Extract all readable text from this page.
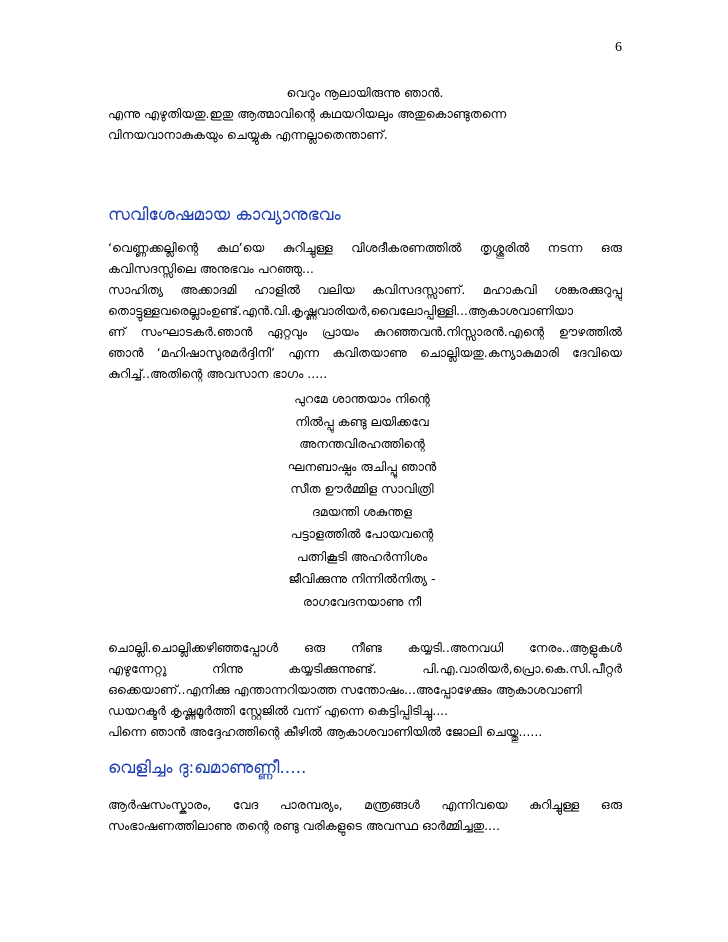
6
വെറും നൂലായിരുന്നു ഞാൻ.
എന്നു എഴുതിയതു.ഇതു ആത്മാവിന്റെ കഥയറിയലും അതുകൊണ്ടുതന്നെ
വിനയവാനാകുകയും ചെയ്യുക എന്നല്ലാതെന്താണ്.
സവിശേഷമായ കാവ്യാനുഭവം
‘വെണ്ണക്കല്ലിന്റെ കഥ’യെ കുറിച്ചുള്ള വിശദീകരണത്തിൽ തൃശ്ശൂരിൽ നടന്ന ഒരു
കവിസദസ്സിലെ അനുഭവം പറഞ്ഞു...
സാഹിത്യ അക്കാദമി ഹാളിൽ വലിയ കവിസദസ്സാണ്. മഹാകവി ശങ്കരക്കുറുപ്പു
തൊട്ടുള്ളവരെല്ലാംഉണ്ട്.എൻ.വി.കൃഷ്ണവാരിയർ,വൈലോപ്പിള്ളി...ആകാശവാണിയാ
ണ് സംഘാടകർ.ഞാൻ ഏറ്റവും പ്രായം കുറഞ്ഞവൻ.നിസ്സാരൻ.എന്റെ ഊഴത്തിൽ
ഞാൻ ‘മഹിഷാസുരമർദ്ദിനി’ എന്ന കവിതയാണു ചൊല്ലിയതു.കന്യാകുമാരി ദേവിയെ
കുറിച്ച്..അതിന്റെ അവസാന ഭാഗം .....
പുറമേ ശാന്തയാം നിന്റെ
നിൽപ്പു കണ്ടു ലയിക്കവേ
അനന്തവിരഹത്തിന്റെ
ഘനബാഷ്പം രുചിപ്പൂ ഞാൻ
സീത ഊർമ്മിള സാവിത്രി
ദമയന്തി ശകുന്തള
പട്ടാളത്തിൽ പോയവന്റെ
പത്നികൂടി അഹർന്നിശം
ജീവിക്കുന്നു നിന്നിൽനിത്യ -
രാഗവേദനയാണു നീ
ചൊല്ലി.ചൊല്ലിക്കഴിഞ്ഞപ്പോൾ ഒരു നീണ്ട കയ്യടി..അനവധി നേരം..ആളുകൾ
എഴുന്നേറ്റു	നിന്നു	കയ്യടിക്കുന്നുണ്ട്.	പി.എ.വാരിയർ,പ്രൊ.കെ.സി.പീറ്റർ
ഒക്കെയാണ്..എനിക്കു എന്താന്നറിയാത്ത സന്തോഷം...അപ്പോഴേക്കും ആകാശവാണി
ഡയറക്ടർ കൃഷ്ണമൂർത്തി സ്റ്റേജിൽ വന്ന് എന്നെ കെട്ടിപ്പിടിച്ചു....
പിന്നെ ഞാൻ അദ്ദേഹത്തിന്റെ കീഴിൽ ആകാശവാണിയിൽ ജോലി ചെയ്തു......
വെളിച്ചം ദു:ഖമാണുണ്ണീ.....
ആർഷസംസ്കാരം, വേദ പാരമ്പര്യം, മന്ത്രങ്ങൾ എന്നിവയെ കുറിച്ചുള്ള ഒരു
സംഭാഷണത്തിലാണു തന്റെ രണ്ടു വരികളുടെ അവസ്ഥ ഓർമ്മിച്ചതു....
